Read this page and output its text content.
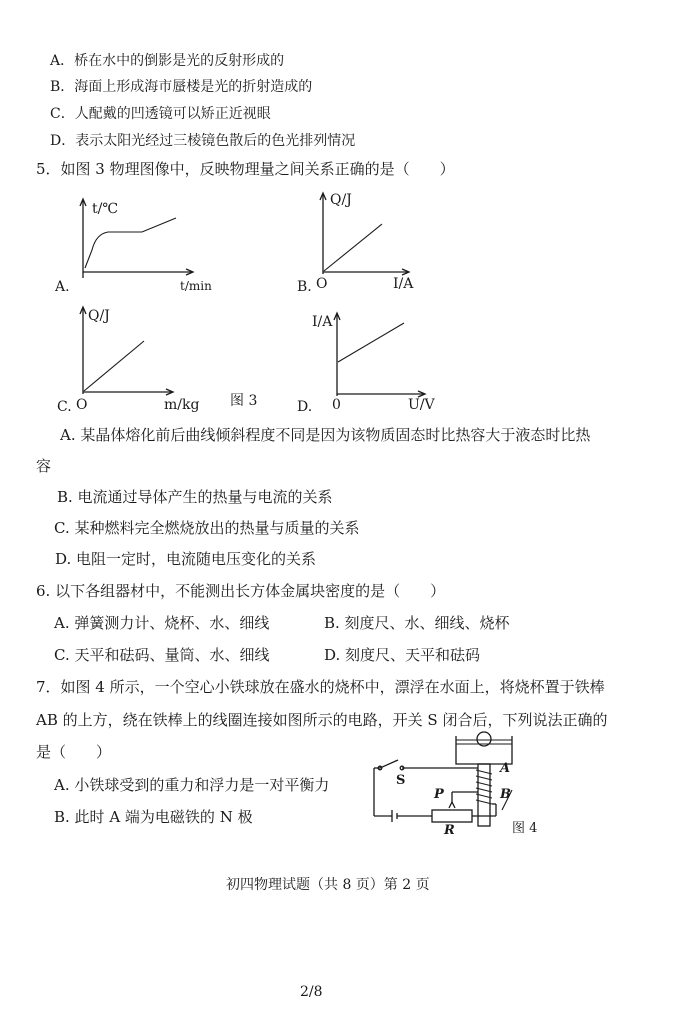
A．桥在水中的倒影是光的反射形成的
B．海面上形成海市蜃楼是光的折射造成的
C．人配戴的凹透镜可以矫正近视眼
D．表示太阳光经过三棱镜色散后的色光排列情况
5．如图 3 物理图像中，反映物理量之间关系正确的是（　　）
t/℃
t/min
A.
Q/J
O	I/A
B.
Q/J
O	m/kg
C.	图 3
I/A
0	U/V
D.
A. 某晶体熔化前后曲线倾斜程度不同是因为该物质固态时比热容大于液态时比热
容
B. 电流通过导体产生的热量与电流的关系
C. 某种燃料完全燃烧放出的热量与质量的关系
D. 电阻一定时，电流随电压变化的关系
6. 以下各组器材中，不能测出长方体金属块密度的是（　　）
A. 弹簧测力计、烧杯、水、细线	B. 刻度尺、水、细线、烧杯
C. 天平和砝码、量筒、水、细线	D. 刻度尺、天平和砝码
7．如图 4 所示，一个空心小铁球放在盛水的烧杯中，漂浮在水面上，将烧杯置于铁棒
AB 的上方，绕在铁棒上的线圈连接如图所示的电路，开关 S 闭合后，下列说法正确的
是（　　）
A. 小铁球受到的重力和浮力是一对平衡力
B. 此时 A 端为电磁铁的 N 极
S
A
B
P
R	图 4
初四物理试题（共 8 页）第 2 页
2/8
